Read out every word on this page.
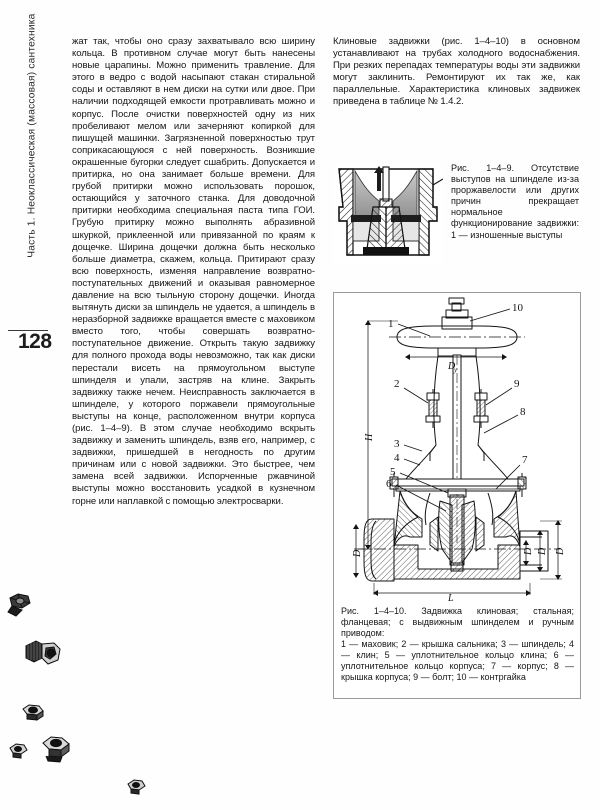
Часть 1. Неоклассическая (массовая) сантехника
128

жат так, чтобы оно сразу захватывало всю ширину кольца. В противном случае могут быть нанесены новые царапины. Можно применить травление. Для этого в ведро с водой насыпают стакан стиральной соды и оставляют в нем диски на сутки или двое. При наличии подходящей емкости протравливать можно и корпус. После очистки поверхностей одну из них пробеливают мелом или зачерняют копиркой для пишущей машинки. Загрязненной поверхностью трут соприкасающуюся с ней поверхность. Возникшие окрашенные бугорки следует сшабрить. Допускается и притирка, но она занимает больше времени. Для грубой притирки можно использовать порошок, остающийся у заточного станка. Для доводочной притирки необходима специальная паста типа ГОИ. Грубую притирку можно выполнять абразивной шкуркой, приклеенной или привязанной по краям к дощечке. Ширина дощечки должна быть несколько больше диаметра, скажем, кольца. Притирают сразу всю поверхность, изменяя направление возвратно-поступательных движений и оказывая равномерное давление на всю тыльную сторону дощечки. Иногда вытянуть диски за шпиндель не удается, а шпиндель в неразборной задвижке вращается вместе с маховиком вместо того, чтобы совершать возвратно-поступательное движение. Открыть такую задвижку для полного прохода воды невозможно, так как диски перестали висеть на прямоугольном выступе шпинделя и упали, застряв на клине. Закрыть задвижку также нечем. Неисправность заключается в шпинделе, у которого поржавели прямоугольные выступы на конце, расположенном внутри корпуса (рис. 1–4–9). В этом случае необходимо вскрыть задвижку и заменить шпиндель, взяв его, например, с задвижки, пришедшей в негодность по другим причинам или с новой задвижки. Это быстрее, чем замена всей задвижки. Испорченные ржавчиной выступы можно восстановить усадкой в кузнечном горне или наплавкой с помощью электросварки.

Клиновые задвижки (рис. 1–4–10) в основном устанавливают на трубах холодного водоснабжения. При резких перепадах температуры воды эти задвижки могут заклинить. Ремонтируют их так же, как параллельные. Характеристика клиновых задвижек приведена в таблице № 1.4.2.

Рис. 1–4–9. Отсутствие выступов на шпинделе из-за проржавелости или других причин прекращает нормальное функционирование задвижки: 1 — изношенные выступы

1
10
2	9
8
3
4
5
6
7
H
D
y
L
D
D
D
D

Рис. 1–4–10. Задвижка клиновая; стальная; фланцевая; с выдвижным шпинделем и ручным приводом:

1 — маховик; 2 — крышка сальника; 3 — шпиндель; 4 — клин; 5 — уплотнительное кольцо клина; 6 — уплотнительное кольцо корпуса; 7 — корпус; 8 — крышка корпуса; 9 — болт; 10 — контргайка
